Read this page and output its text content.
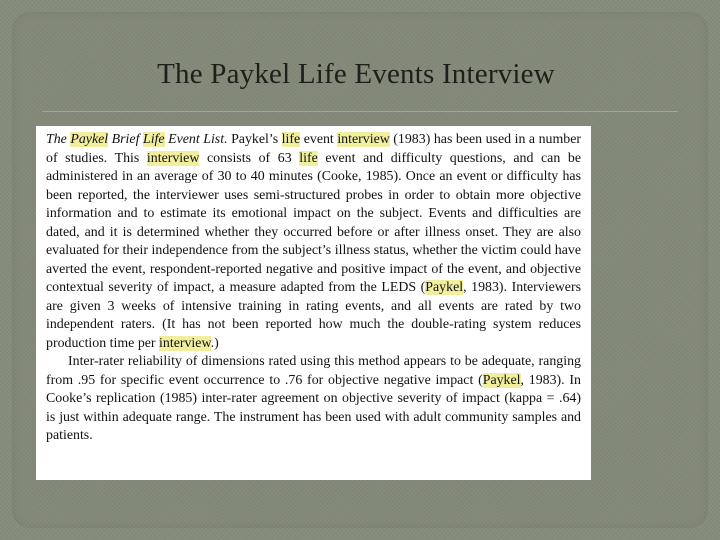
The Paykel Life Events Interview

The Paykel Brief Life Event List. Paykel’s life event interview (1983) has been used in a number of studies. This interview consists of 63 life event and difficulty questions, and can be administered in an average of 30 to 40 minutes (Cooke, 1985). Once an event or difficulty has been reported, the interviewer uses semi-structured probes in order to obtain more objective information and to estimate its emotional impact on the subject. Events and difficulties are dated, and it is determined whether they occurred before or after illness onset. They are also evaluated for their independence from the subject’s illness status, whether the victim could have averted the event, respondent-reported negative and positive impact of the event, and objective contextual severity of impact, a measure adapted from the LEDS (Paykel, 1983). Interviewers are given 3 weeks of intensive training in rating events, and all events are rated by two independent raters. (It has not been reported how much the double-rating system reduces production time per interview.)

Inter-rater reliability of dimensions rated using this method appears to be adequate, ranging from .95 for specific event occurrence to .76 for objective negative impact (Paykel, 1983). In Cooke’s replication (1985) inter-rater agreement on objective severity of impact (kappa = .64) is just within adequate range. The instrument has been used with adult community samples and patients.
